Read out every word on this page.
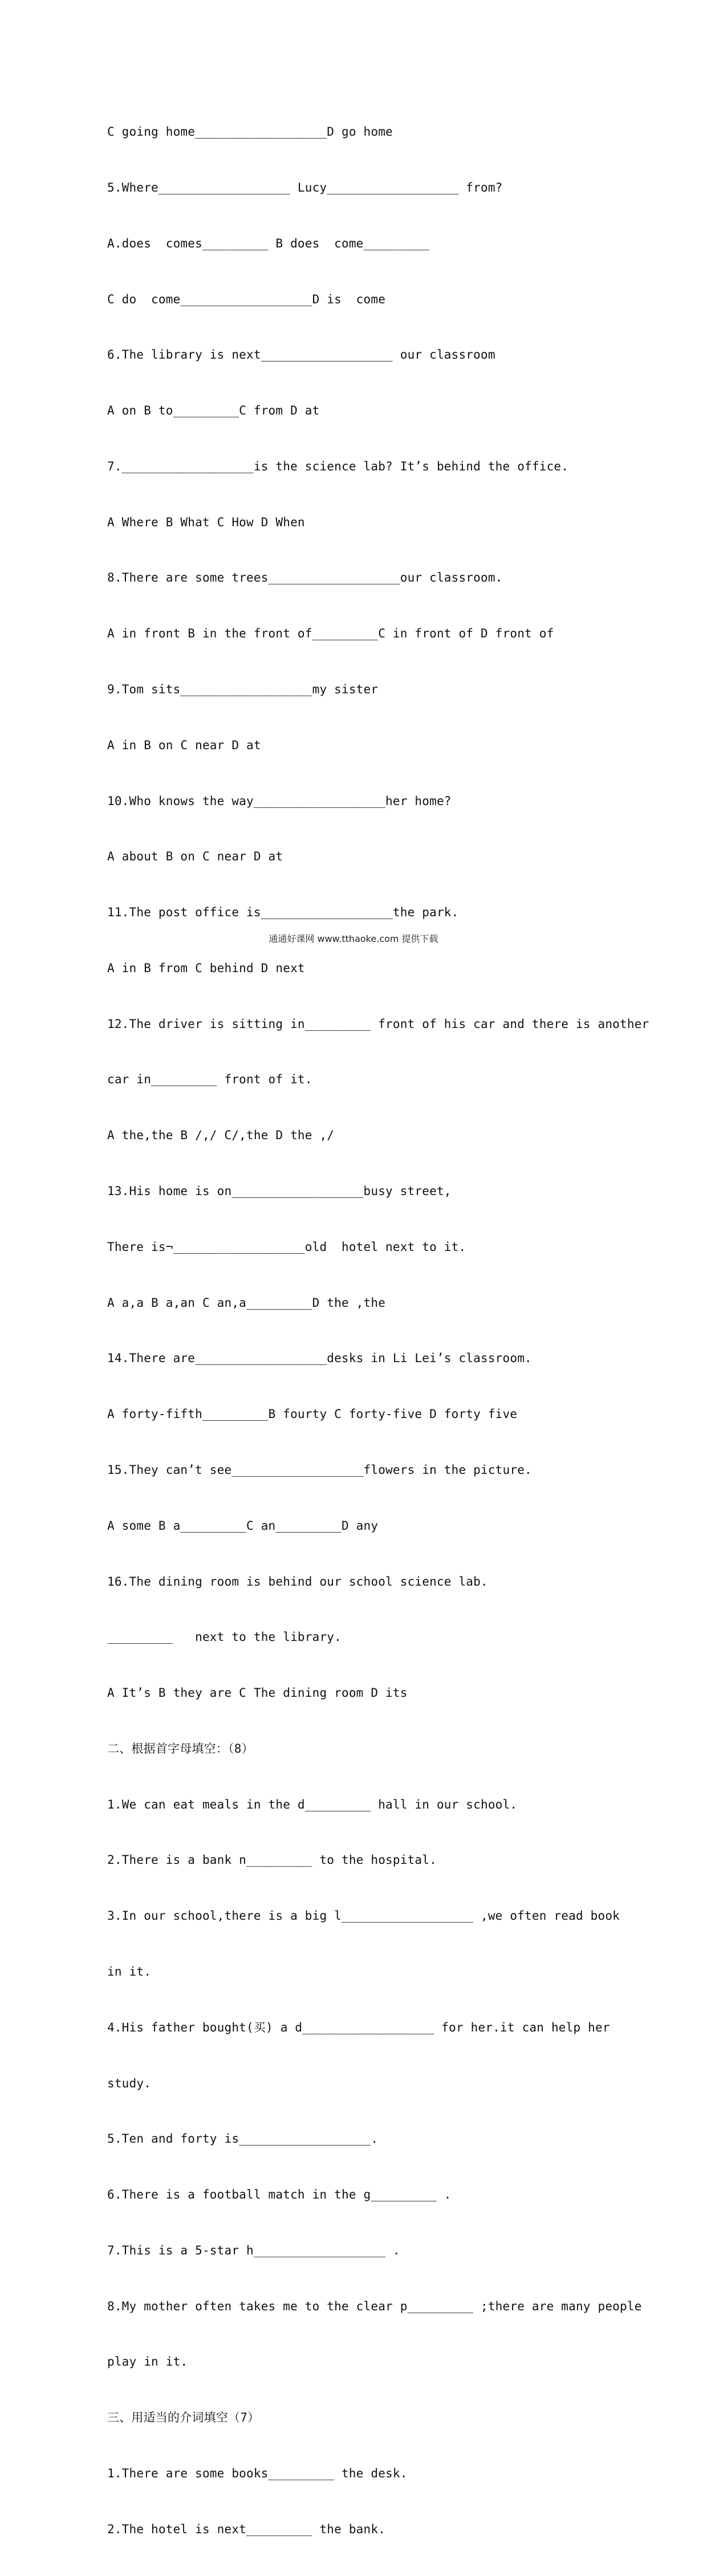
C going home__________________D go home

5.Where__________________ Lucy__________________ from?

A.does  comes_________ B does  come_________

C do  come__________________D is  come

6.The library is next__________________ our classroom

A on B to_________C from D at

7.__________________is the science lab? It’s behind the office.

A Where B What C How D When

8.There are some trees__________________our classroom.

A in front B in the front of_________C in front of D front of

9.Tom sits__________________my sister

A in B on C near D at

10.Who knows the way__________________her home?

A about B on C near D at

11.The post office is__________________the park.

A in B from C behind D next

12.The driver is sitting in_________ front of his car and there is another

car in_________ front of it.

A the,the B /,/ C/,the D the ,/

13.His home is on__________________busy street,

There is¬__________________old  hotel next to it.

A a,a B a,an C an,a_________D the ,the

14.There are__________________desks in Li Lei’s classroom.

A forty-fifth_________B fourty C forty-five D forty five

15.They can’t see__________________flowers in the picture.

A some B a_________C an_________D any

16.The dining room is behind our school science lab.

_________   next to the library.

A It’s B they are C The dining room D its

二、根据首字母填空：（8）

1.We can eat meals in the d_________ hall in our school.

2.There is a bank n_________ to the hospital.

3.In our school,there is a big l__________________ ,we often read book

in it.

4.His father bought(买) a d__________________ for her.it can help her

study.

5.Ten and forty is__________________.

6.There is a football match in the g_________ .

7.This is a 5-star h__________________ .

8.My mother often takes me to the clear p_________ ;there are many people

play in it.

三、用适当的介词填空（7）

1.There are some books_________ the desk.

2.The hotel is next_________ the bank.

通通好课网 www.tthaoke.com 提供下载
